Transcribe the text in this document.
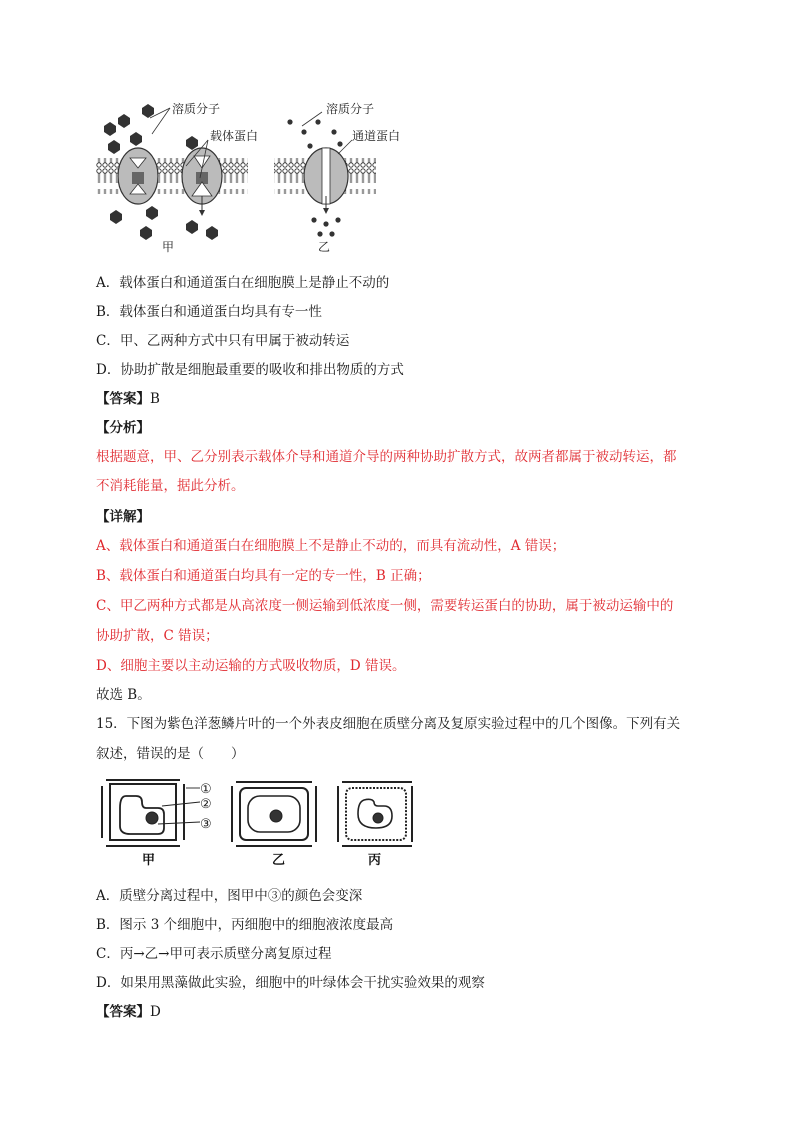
溶质分子
载体蛋白
甲
溶质分子
通道蛋白
乙
A．载体蛋白和通道蛋白在细胞膜上是静止不动的
B．载体蛋白和通道蛋白均具有专一性
C．甲、乙两种方式中只有甲属于被动转运
D．协助扩散是细胞最重要的吸收和排出物质的方式
【答案】B
【分析】
根据题意，甲、乙分别表示载体介导和通道介导的两种协助扩散方式，故两者都属于被动转运，都
不消耗能量，据此分析。
【详解】
A、载体蛋白和通道蛋白在细胞膜上不是静止不动的，而具有流动性，A 错误；
B、载体蛋白和通道蛋白均具有一定的专一性，B 正确；
C、甲乙两种方式都是从高浓度一侧运输到低浓度一侧，需要转运蛋白的协助，属于被动运输中的
协助扩散，C 错误；
D、细胞主要以主动运输的方式吸收物质，D 错误。
故选 B。
15．下图为紫色洋葱鳞片叶的一个外表皮细胞在质壁分离及复原实验过程中的几个图像。下列有关
叙述，错误的是（　　）
①
②
③
甲	乙	丙
A．质壁分离过程中，图甲中③的颜色会变深
B．图示 3 个细胞中，丙细胞中的细胞液浓度最高
C．丙→乙→甲可表示质壁分离复原过程
D．如果用黑藻做此实验，细胞中的叶绿体会干扰实验效果的观察
【答案】D
